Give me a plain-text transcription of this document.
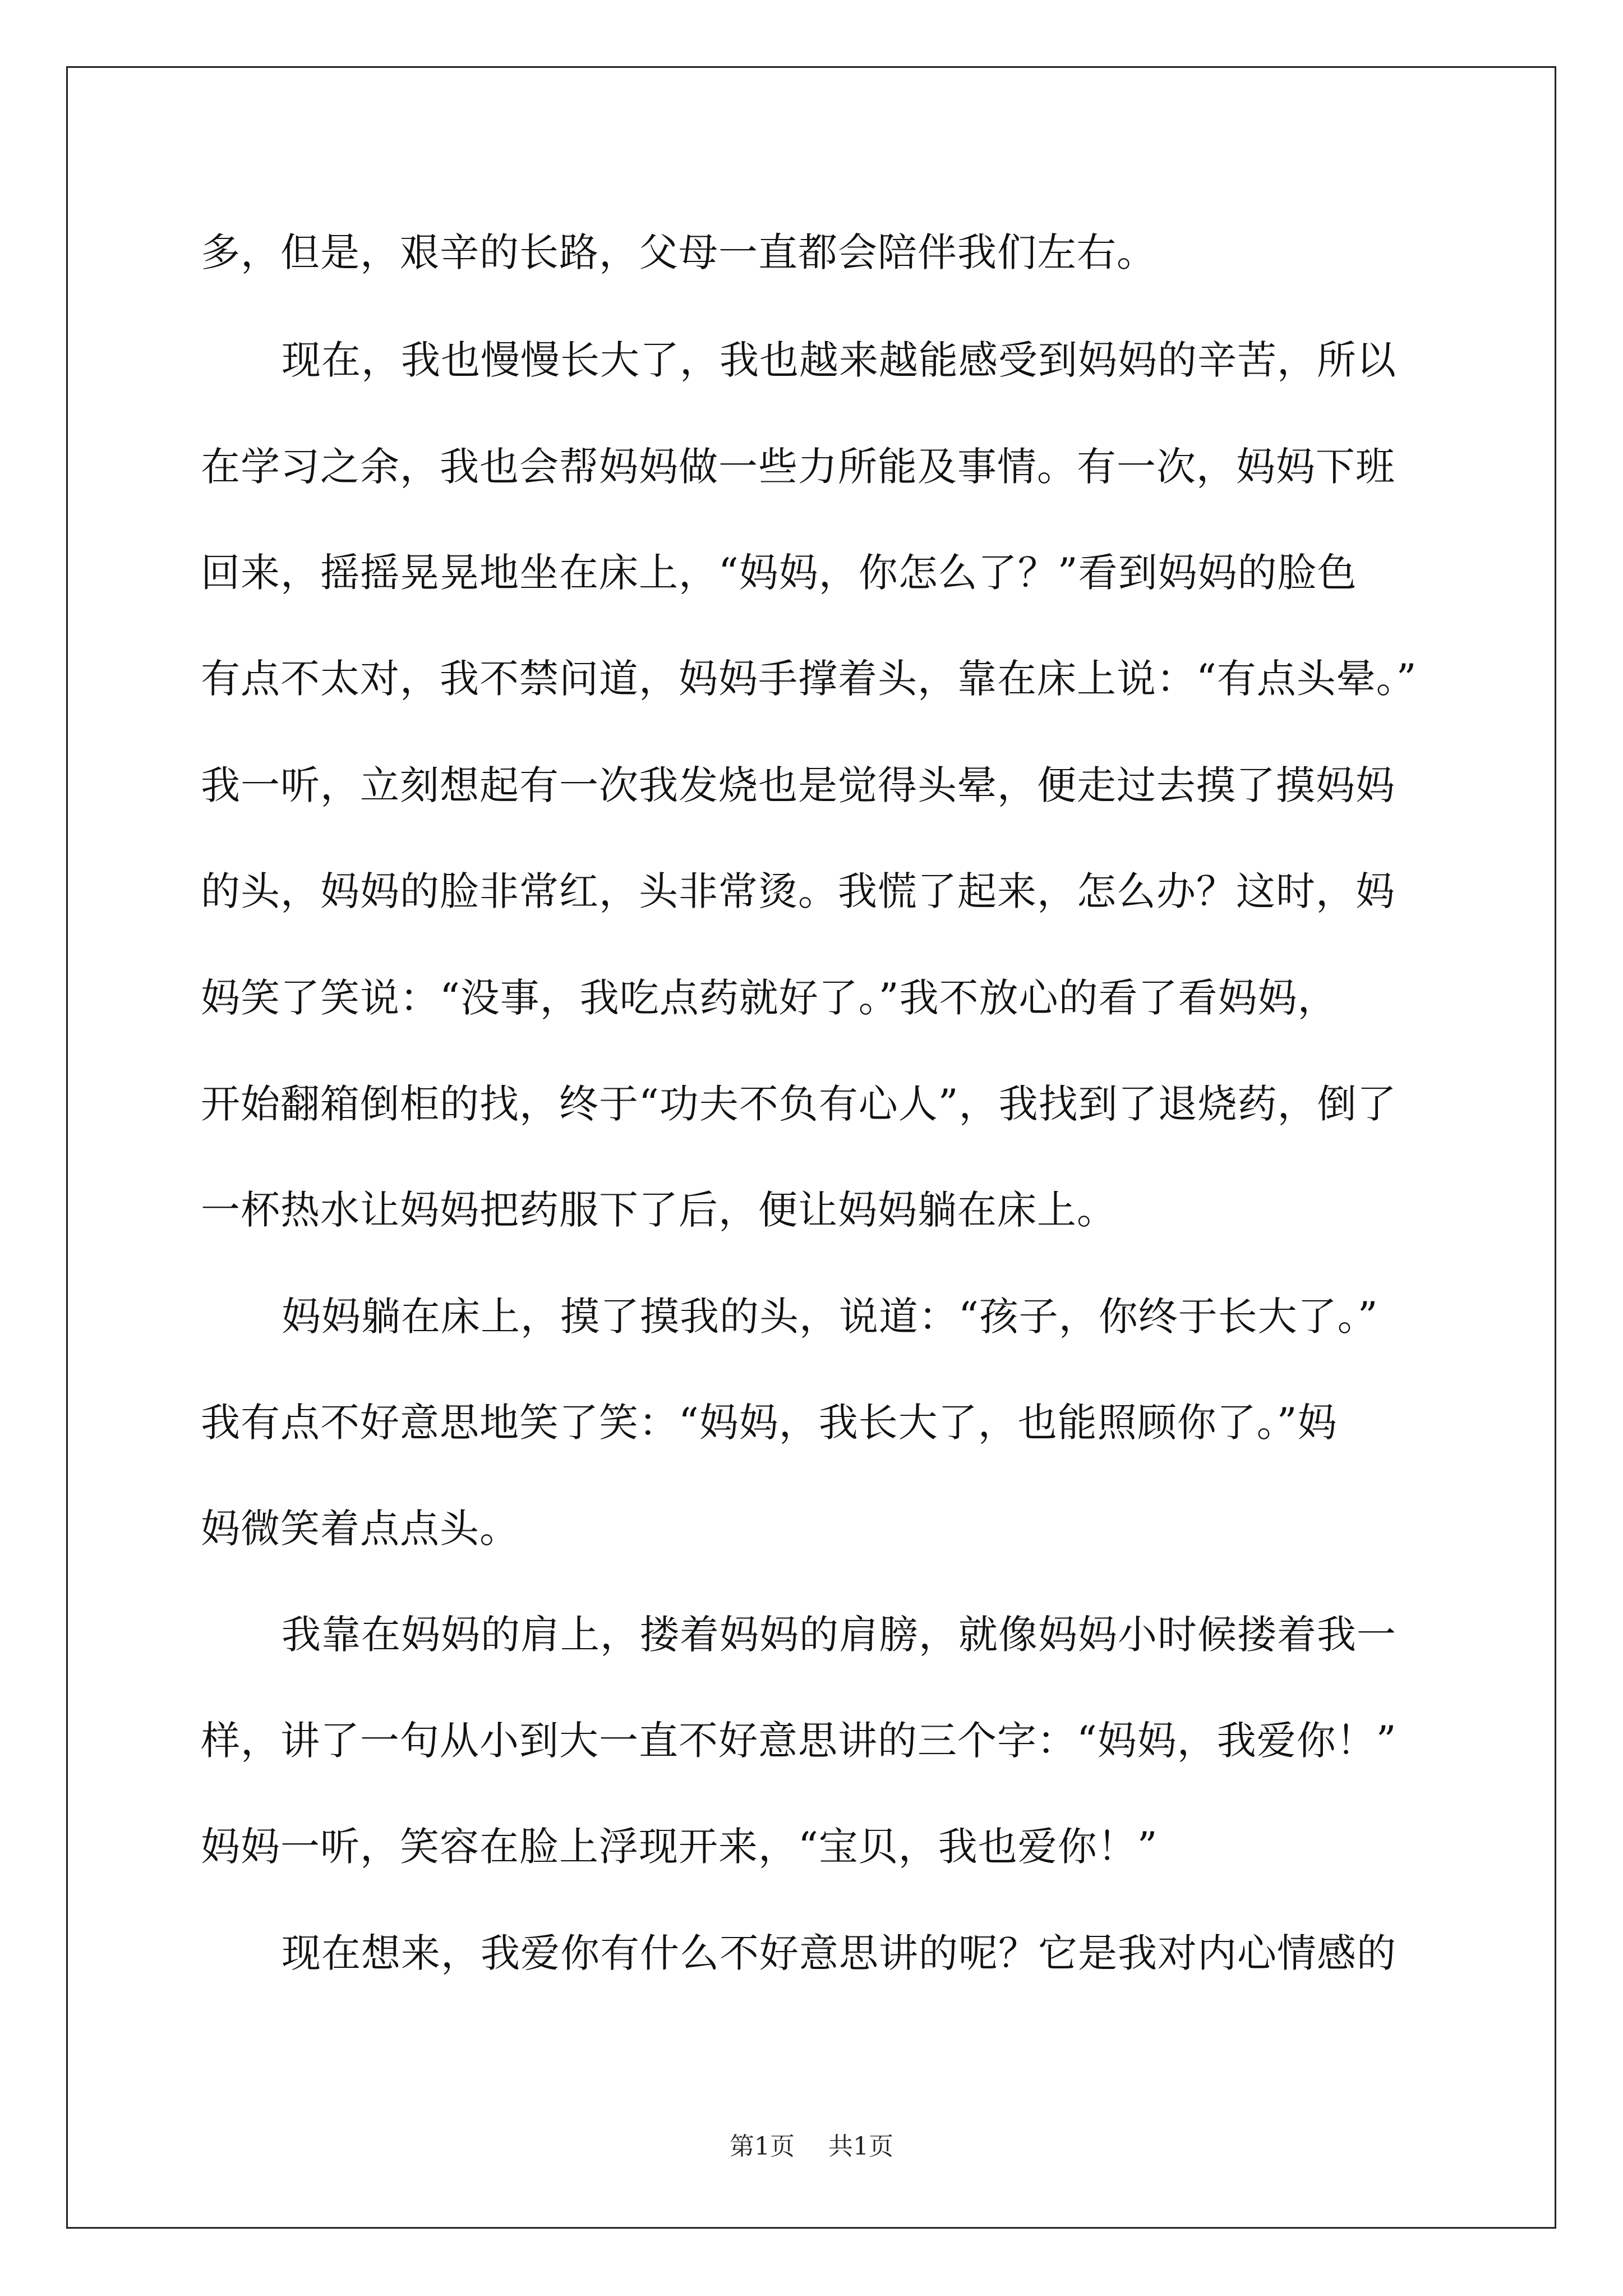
多，但是，艰辛的长路，父母一直都会陪伴我们左右。
现在，我也慢慢长大了，我也越来越能感受到妈妈的辛苦，所以
在学习之余，我也会帮妈妈做一些力所能及事情。有一次，妈妈下班
回来，摇摇晃晃地坐在床上，“妈妈，你怎么了？”看到妈妈的脸色
有点不太对，我不禁问道，妈妈手撑着头，靠在床上说：“有点头晕。”
我一听，立刻想起有一次我发烧也是觉得头晕，便走过去摸了摸妈妈
的头，妈妈的脸非常红，头非常烫。我慌了起来，怎么办？这时，妈
妈笑了笑说：“没事，我吃点药就好了。”我不放心的看了看妈妈，
开始翻箱倒柜的找，终于“功夫不负有心人”，我找到了退烧药，倒了
一杯热水让妈妈把药服下了后，便让妈妈躺在床上。
妈妈躺在床上，摸了摸我的头，说道：“孩子，你终于长大了。”
我有点不好意思地笑了笑：“妈妈，我长大了，也能照顾你了。”妈
妈微笑着点点头。
我靠在妈妈的肩上，搂着妈妈的肩膀，就像妈妈小时候搂着我一
样，讲了一句从小到大一直不好意思讲的三个字：“妈妈，我爱你！”
妈妈一听，笑容在脸上浮现开来，“宝贝，我也爱你！”
现在想来，我爱你有什么不好意思讲的呢？它是我对内心情感的
第1页 共1页
